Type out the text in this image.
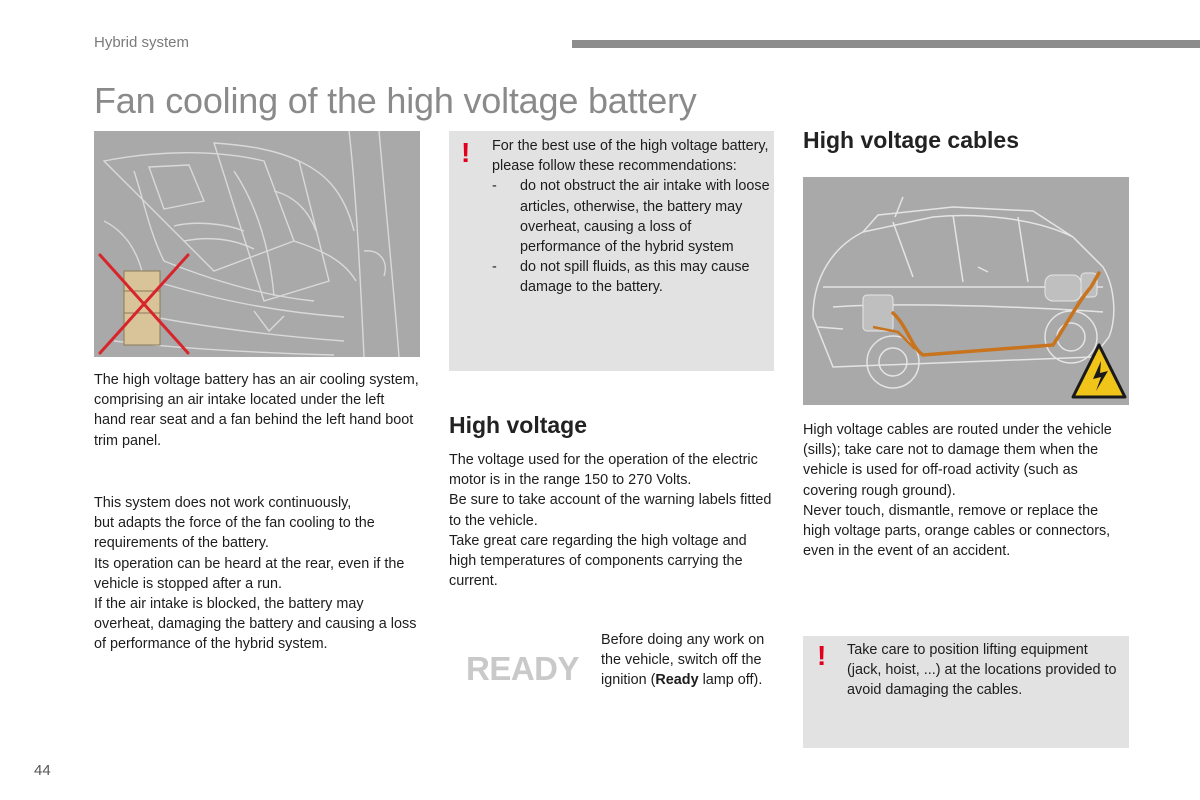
Hybrid system
Fan cooling of the high voltage battery

The high voltage battery has an air cooling system, comprising an air intake located under the left hand rear seat and a fan behind the left hand boot trim panel.

This system does not work continuously,
but adapts the force of the fan cooling to the requirements of the battery.
Its operation can be heard at the rear, even if the vehicle is stopped after a run.
If the air intake is blocked, the battery may overheat, damaging the battery and causing a loss of performance of the hybrid system.
! For the best use of the high voltage battery, please follow these recommendations:
- do not obstruct the air intake with loose articles, otherwise, the battery may overheat, causing a loss of performance of the hybrid system
- do not spill fluids, as this may cause damage to the battery.
High voltage
The voltage used for the operation of the electric motor is in the range 150 to 270 Volts.
Be sure to take account of the warning labels fitted to the vehicle.
Take great care regarding the high voltage and high temperatures of components carrying the current.
READY
Before doing any work on the vehicle, switch off the ignition (Ready lamp off).
High voltage cables
High voltage cables are routed under the vehicle (sills); take care not to damage them when the vehicle is used for off-road activity (such as covering rough ground).
Never touch, dismantle, remove or replace the high voltage parts, orange cables or connectors, even in the event of an accident.
! Take care to position lifting equipment (jack, hoist, ...) at the locations provided to avoid damaging the cables.
44
